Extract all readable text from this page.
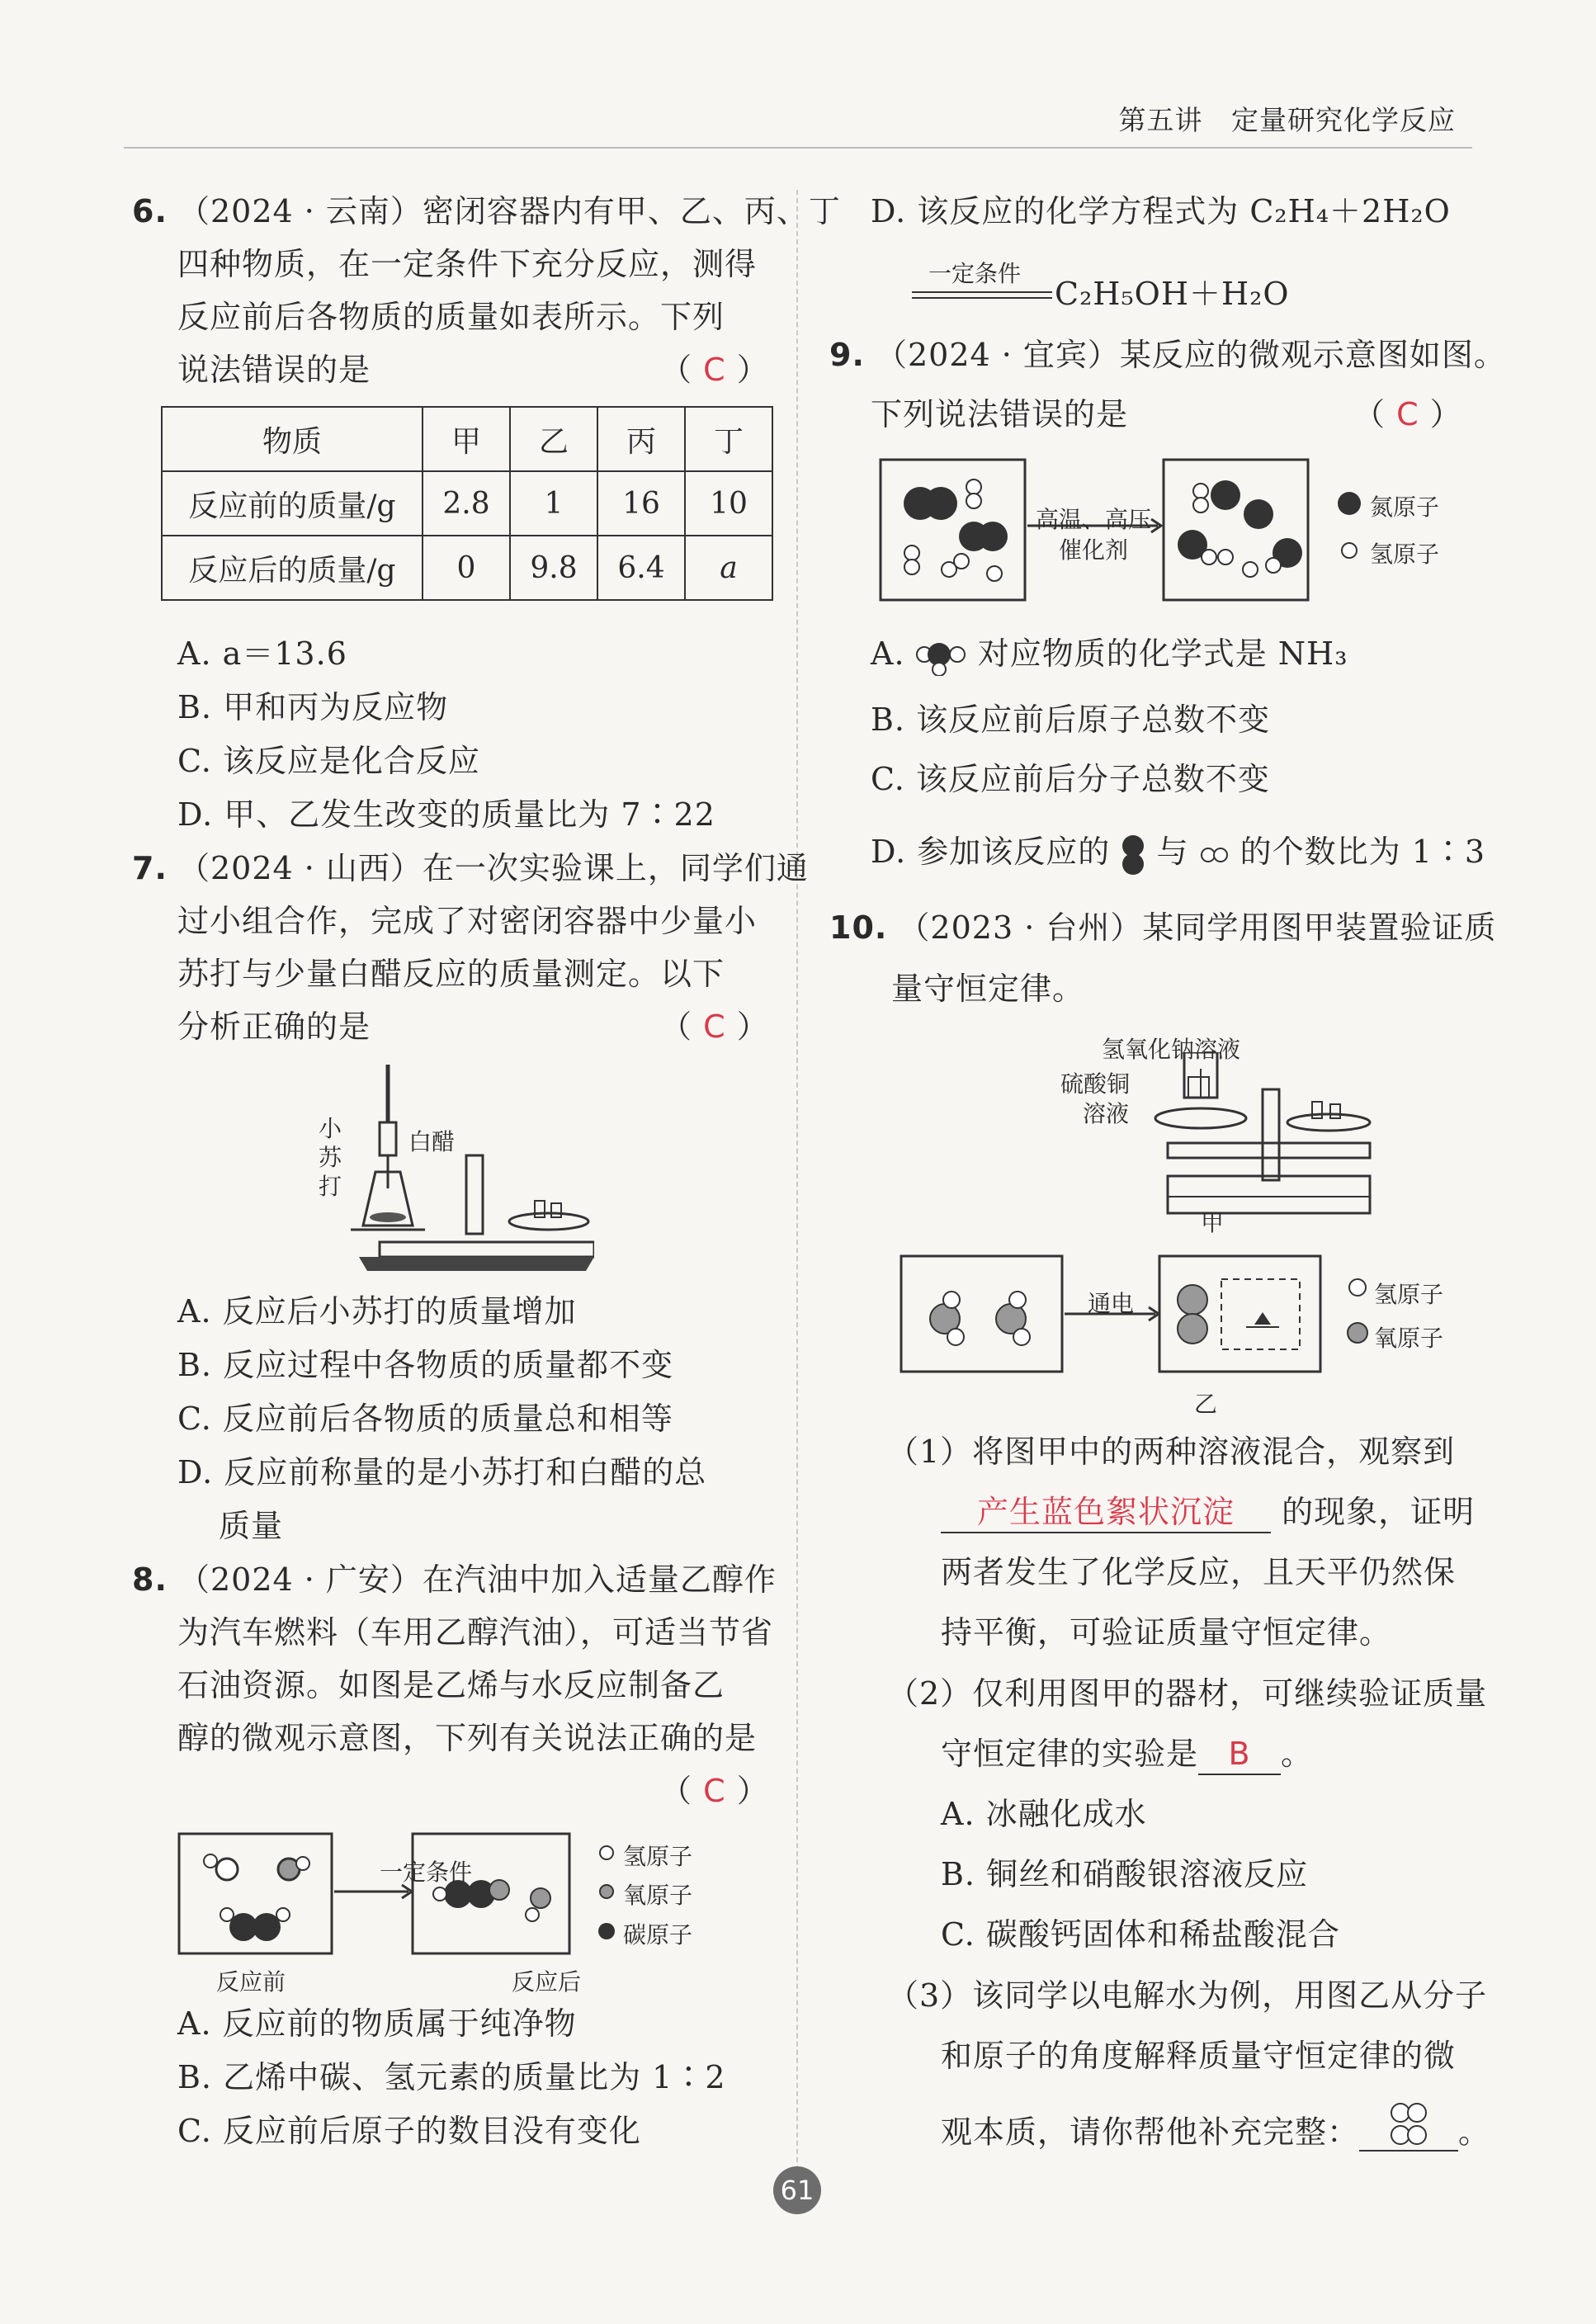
第五讲 定量研究化学反应
6. （2024 · 云南）密闭容器内有甲、乙、丙、丁
四种物质，在一定条件下充分反应，测得
反应前后各物质的质量如表所示。下列
说法错误的是	（ C ）
物质	甲	乙	丙	丁
反应前的质量/g	2.8	1	16	10
反应后的质量/g	0	9.8	6.4	a
A. a＝13.6
B. 甲和丙为反应物
C. 该反应是化合反应
D. 甲、乙发生改变的质量比为 7∶22
7. （2024 · 山西）在一次实验课上，同学们通
过小组合作，完成了对密闭容器中少量小
苏打与少量白醋反应的质量测定。以下
分析正确的是	（ C ）
小苏打
白醋
A. 反应后小苏打的质量增加
B. 反应过程中各物质的质量都不变
C. 反应前后各物质的质量总和相等
D. 反应前称量的是小苏打和白醋的总
质量
8. （2024 · 广安）在汽油中加入适量乙醇作
为汽车燃料（车用乙醇汽油），可适当节省
石油资源。如图是乙烯与水反应制备乙
醇的微观示意图，下列有关说法正确的是
（ C ）
一定条件
氢原子
氧原子
碳原子
反应前	反应后
A. 反应前的物质属于纯净物
B. 乙烯中碳、氢元素的质量比为 1∶2
C. 反应前后原子的数目没有变化
D. 该反应的化学方程式为 C₂H₄＋2H₂O
一定条件
C₂H₅OH＋H₂O
9. （2024 · 宜宾）某反应的微观示意图如图。
下列说法错误的是	（ C ）
高温、高压
催化剂
氮原子
氢原子
A. 对应物质的化学式是 NH₃
B. 该反应前后原子总数不变
C. 该反应前后分子总数不变
D. 参加该反应的 与 的个数比为 1∶3
10. （2023 · 台州）某同学用图甲装置验证质
量守恒定律。
氢氧化钠溶液
硫酸铜
溶液
甲
通电	氢原子
氧原子
乙
（1）将图甲中的两种溶液混合，观察到
产生蓝色絮状沉淀 的现象，证明
两者发生了化学反应，且天平仍然保
持平衡，可验证质量守恒定律。
（2）仅利用图甲的器材，可继续验证质量
守恒定律的实验是 B 。
A. 冰融化成水
B. 铜丝和硝酸银溶液反应
C. 碳酸钙固体和稀盐酸混合
（3）该同学以电解水为例，用图乙从分子
和原子的角度解释质量守恒定律的微
观本质，请你帮他补充完整：	。
61
